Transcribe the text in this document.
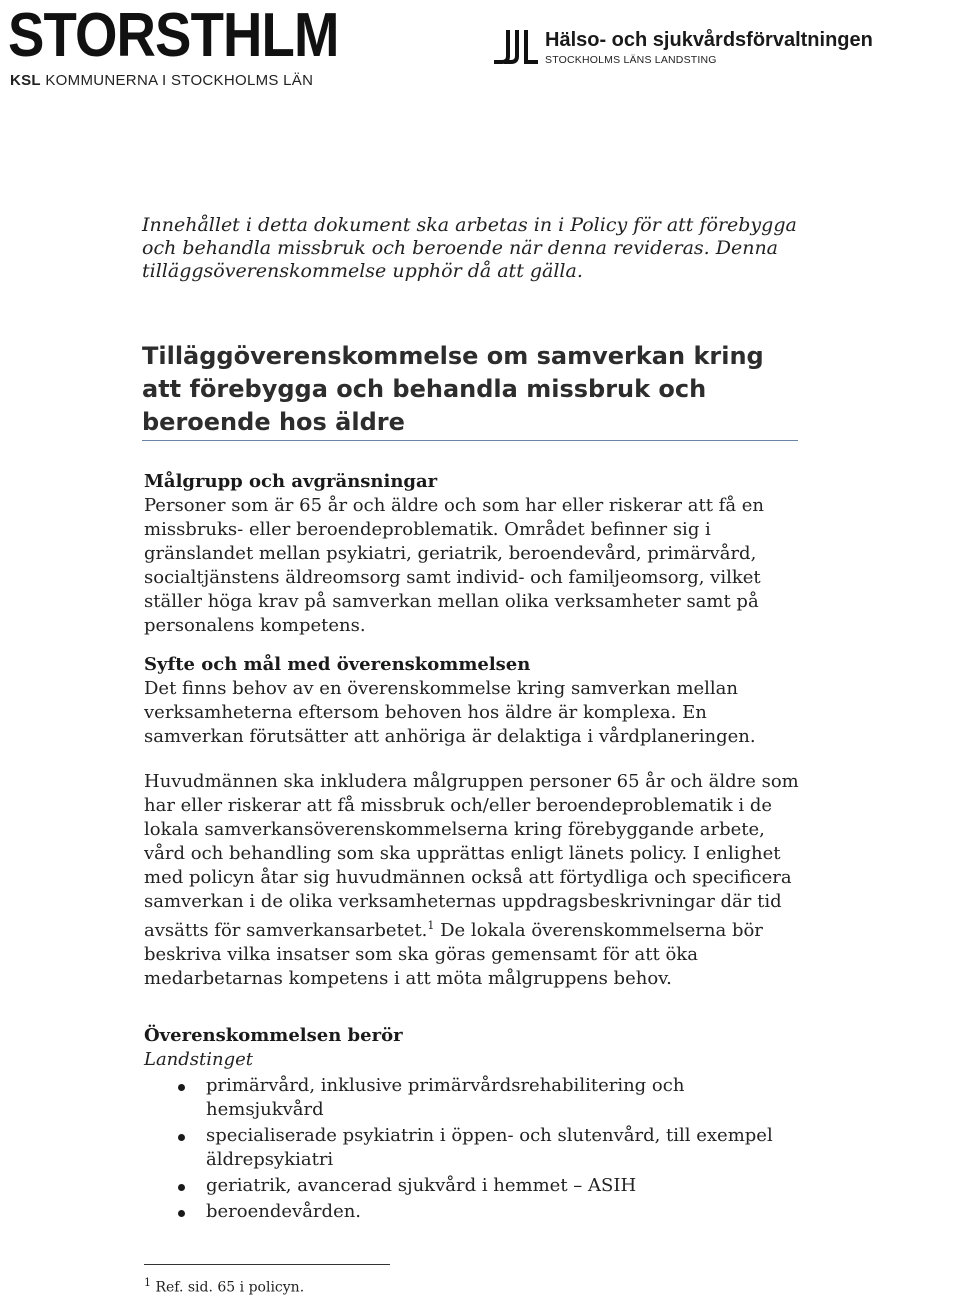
STORSTHLM
KSL KOMMUNERNA I STOCKHOLMS LÄN
Hälso- och sjukvårdsförvaltningen
STOCKHOLMS LÄNS LANDSTING
Innehållet i detta dokument ska arbetas in i Policy för att förebygga och behandla missbruk och beroende när denna revideras. Denna tilläggsöverenskommelse upphör då att gälla.
Tilläggöverenskommelse om samverkan kring att förebygga och behandla missbruk och beroende hos äldre
Målgrupp och avgränsningar
Personer som är 65 år och äldre och som har eller riskerar att få en
missbruks- eller beroendeproblematik. Området befinner sig i
gränslandet mellan psykiatri, geriatrik, beroendevård, primärvård,
socialtjänstens äldreomsorg samt individ- och familjeomsorg, vilket
ställer höga krav på samverkan mellan olika verksamheter samt på
personalens kompetens.
Syfte och mål med överenskommelsen
Det finns behov av en överenskommelse kring samverkan mellan
verksamheterna eftersom behoven hos äldre är komplexa. En
samverkan förutsätter att anhöriga är delaktiga i vårdplaneringen.
Huvudmännen ska inkludera målgruppen personer 65 år och äldre som
har eller riskerar att få missbruk och/eller beroendeproblematik i de
lokala samverkansöverenskommelserna kring förebyggande arbete,
vård och behandling som ska upprättas enligt länets policy. I enlighet
med policyn åtar sig huvudmännen också att förtydliga och specificera
samverkan i de olika verksamheternas uppdragsbeskrivningar där tid
avsätts för samverkansarbetet.$^1$ De lokala överenskommelserna bör
beskriva vilka insatser som ska göras gemensamt för att öka
medarbetarnas kompetens i att möta målgruppens behov.
Överenskommelsen berör
Landstinget
primärvård, inklusive primärvårdsrehabilitering och
hemsjukvård
specialiserade psykiatrin i öppen- och slutenvård, till exempel
äldrepsykiatri
geriatrik, avancerad sjukvård i hemmet – ASIH
beroendevården.
$^1$ Ref. sid. 65 i policyn.
